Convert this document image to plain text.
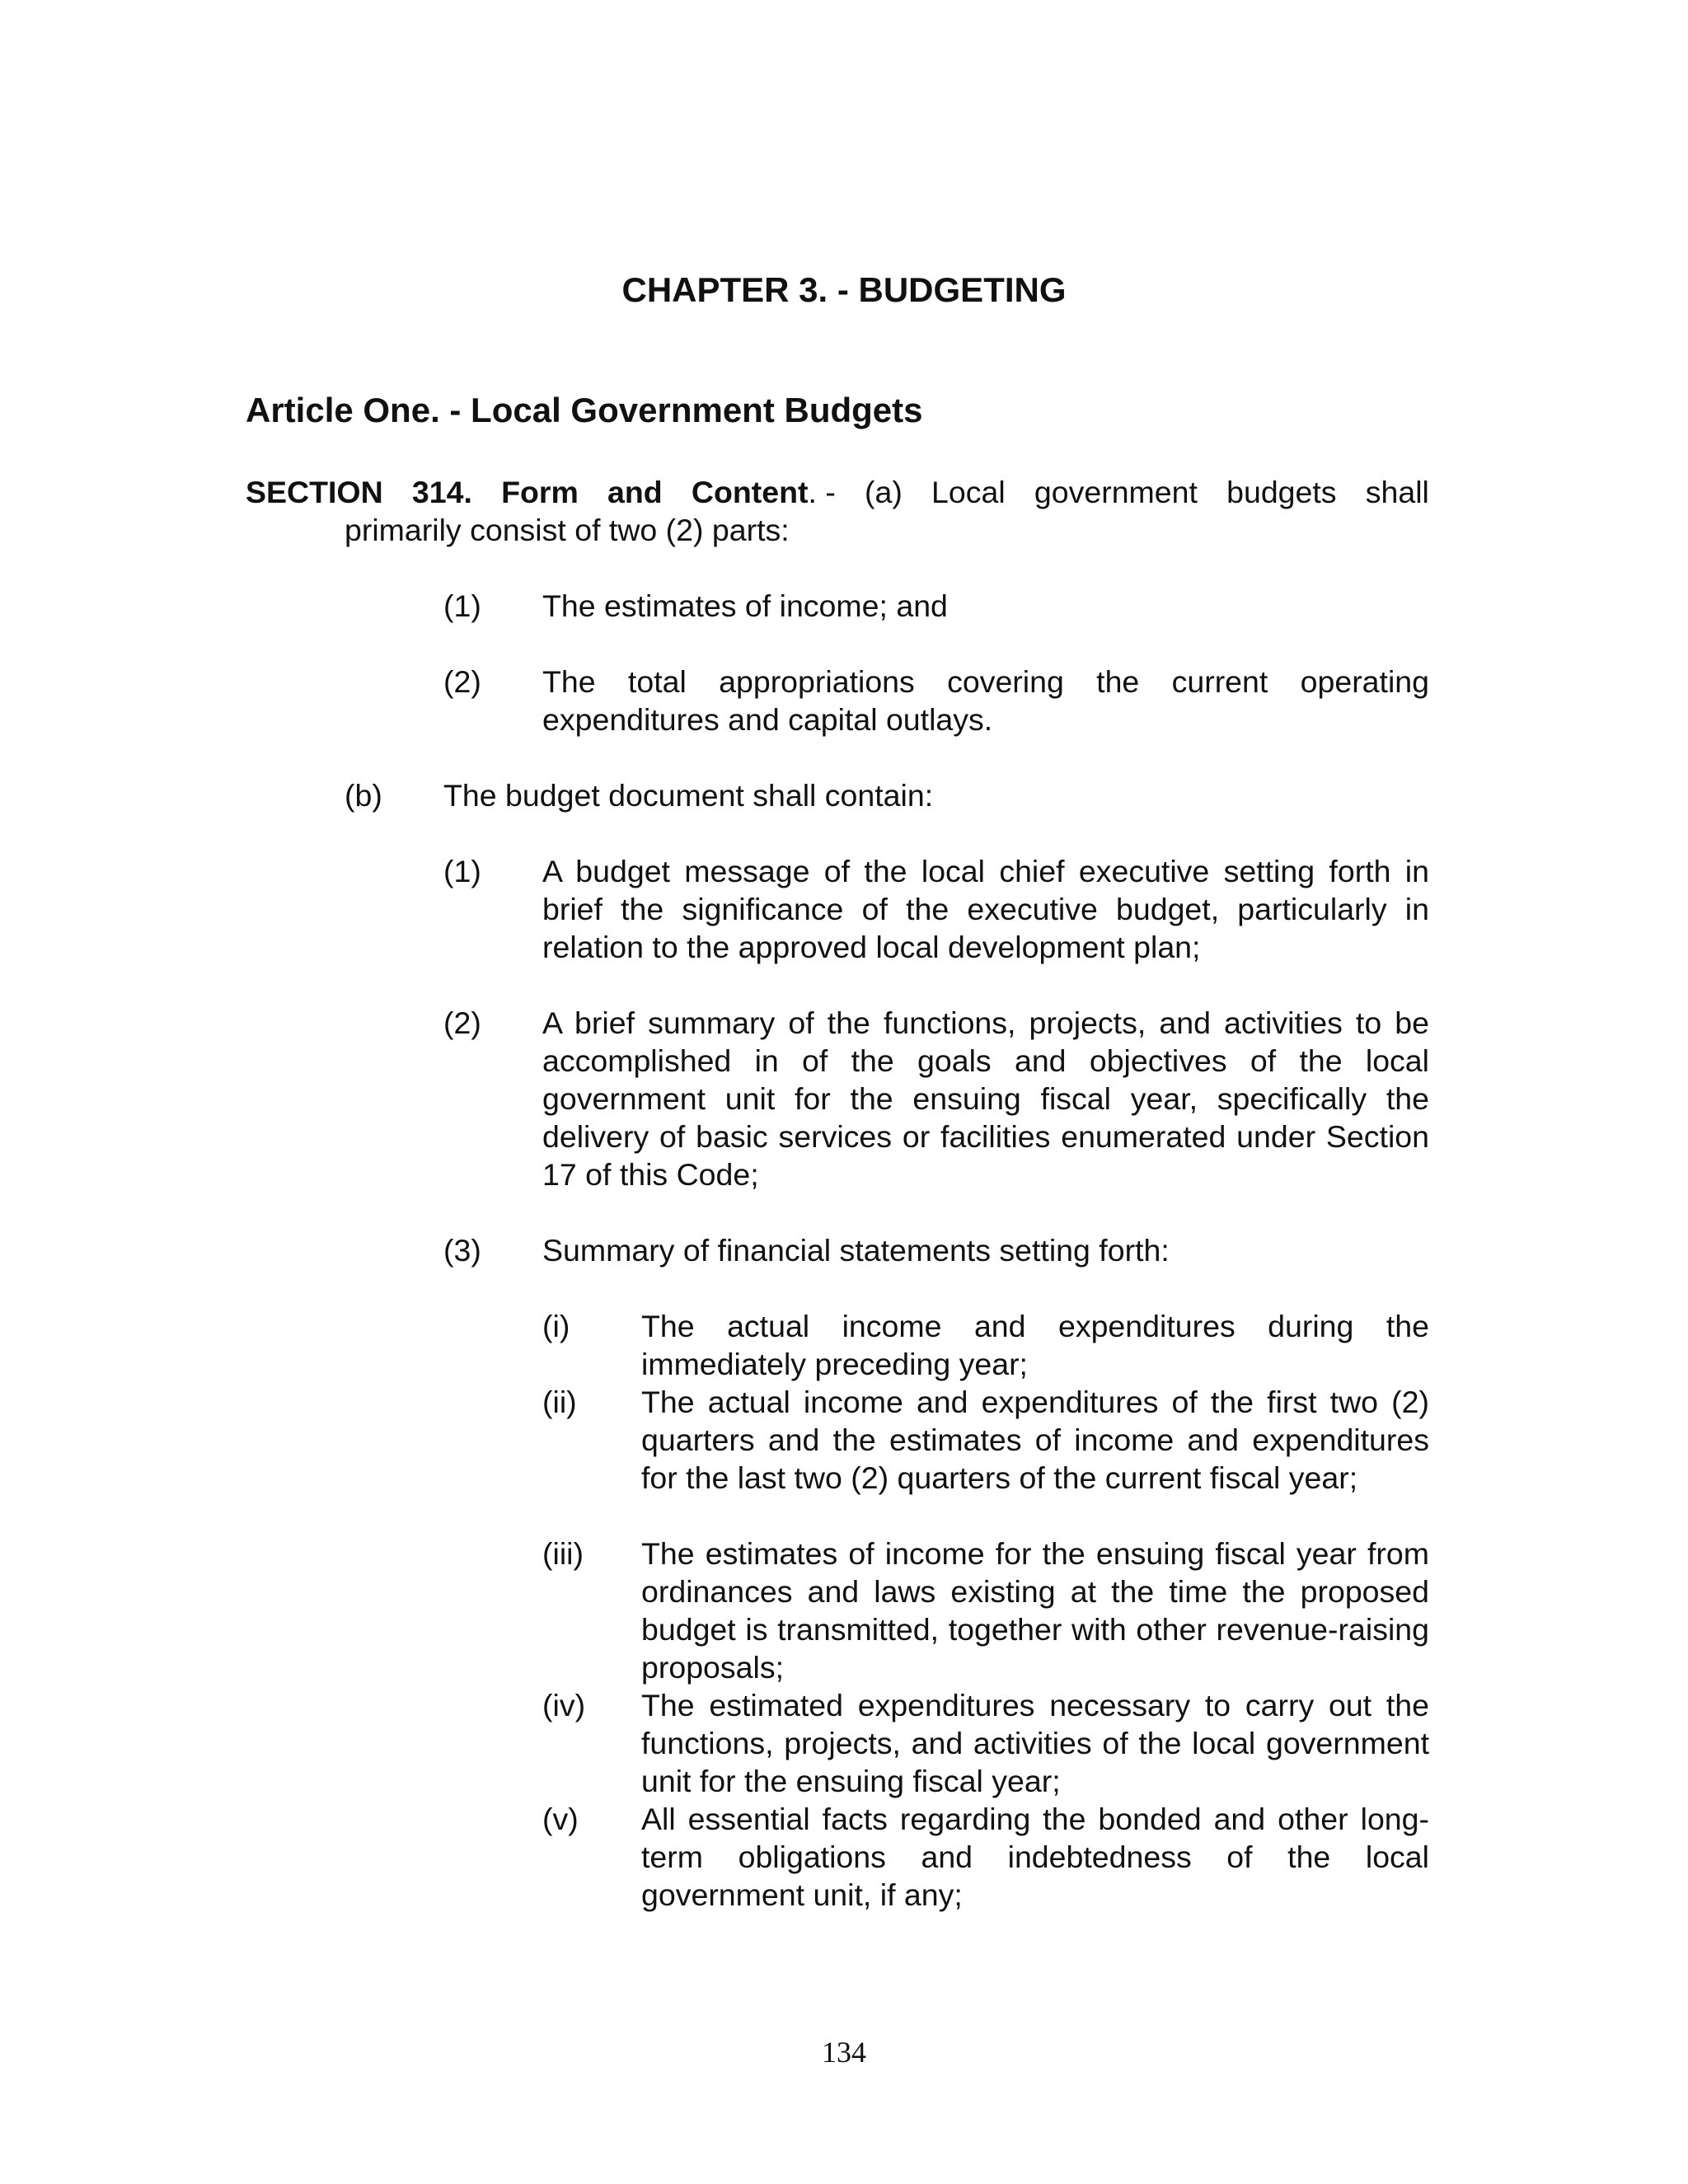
CHAPTER 3. - BUDGETING
Article One. - Local Government Budgets
SECTION 314. Form and Content. - (a) Local government budgets shall
primarily consist of two (2) parts:
(1)	The estimates of income; and
(2)	The total appropriations covering the current operating expenditures and capital outlays.
(b)	The budget document shall contain:
(1)	A budget message of the local chief executive setting forth in brief the significance of the executive budget, particularly in relation to the approved local development plan;
(2)	A brief summary of the functions, projects, and activities to be accomplished in of the goals and objectives of the local government unit for the ensuing fiscal year, specifically the delivery of basic services or facilities enumerated under Section 17 of this Code;
(3)	Summary of financial statements setting forth:
(i)	The actual income and expenditures during the immediately preceding year;
(ii)	The actual income and expenditures of the first two (2) quarters and the estimates of income and expenditures for the last two (2) quarters of the current fiscal year;
(iii)	The estimates of income for the ensuing fiscal year from ordinances and laws existing at the time the proposed budget is transmitted, together with other revenue-raising proposals;
(iv)	The estimated expenditures necessary to carry out the functions, projects, and activities of the local government unit for the ensuing fiscal year;
(v)	All essential facts regarding the bonded and other long-term obligations and indebtedness of the local government unit, if any;
134
